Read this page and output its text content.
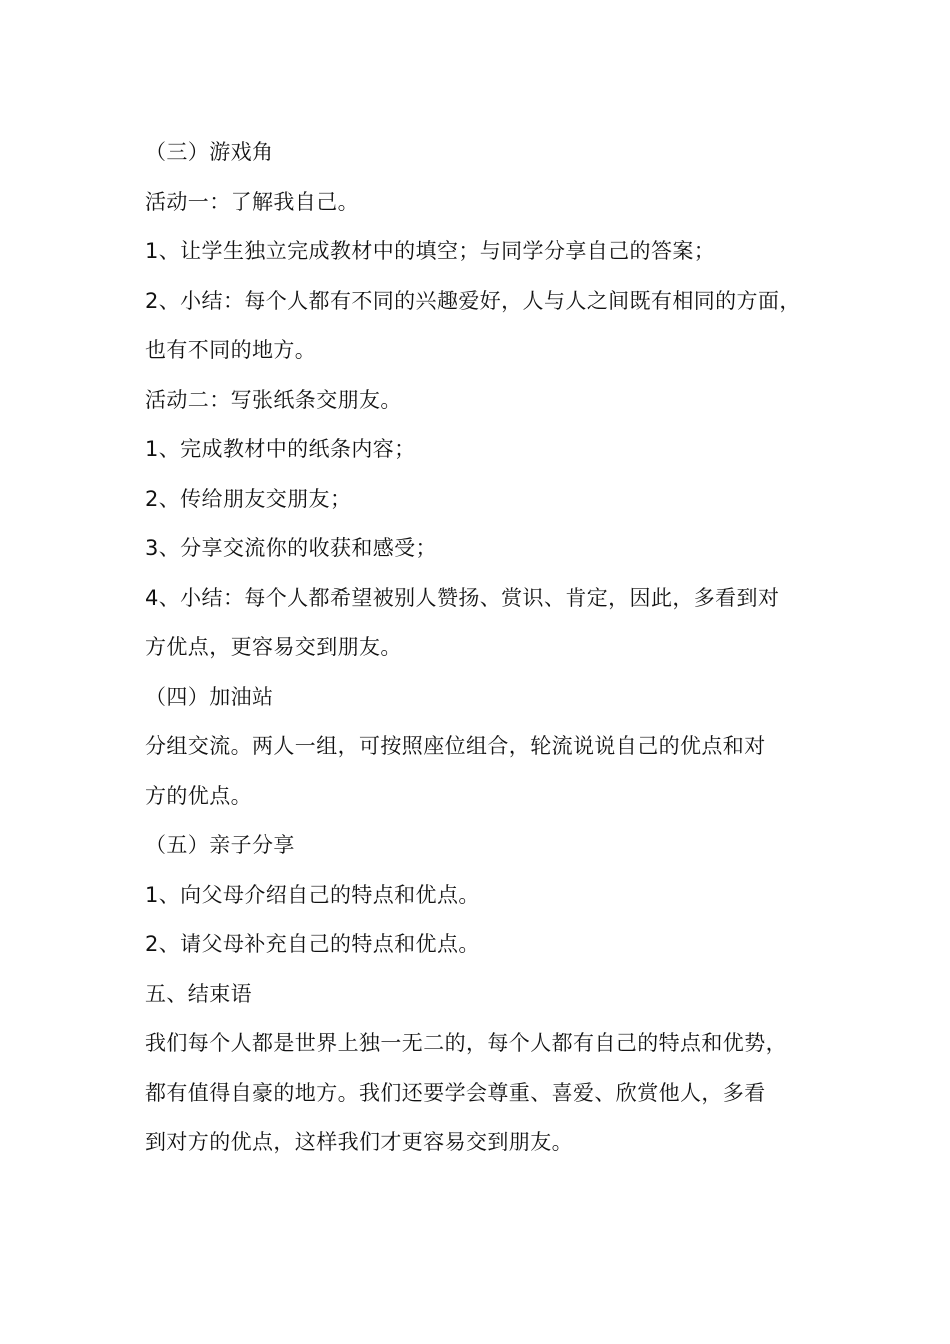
（三）游戏角
活动一：了解我自己。
1、让学生独立完成教材中的填空；与同学分享自己的答案；
2、小结：每个人都有不同的兴趣爱好，人与人之间既有相同的方面，
也有不同的地方。
活动二：写张纸条交朋友。
1、完成教材中的纸条内容；
2、传给朋友交朋友；
3、分享交流你的收获和感受；
4、小结：每个人都希望被别人赞扬、赏识、肯定，因此，多看到对
方优点，更容易交到朋友。
（四）加油站
分组交流。两人一组，可按照座位组合，轮流说说自己的优点和对
方的优点。
（五）亲子分享
1、向父母介绍自己的特点和优点。
2、请父母补充自己的特点和优点。
五、结束语
我们每个人都是世界上独一无二的，每个人都有自己的特点和优势，
都有值得自豪的地方。我们还要学会尊重、喜爱、欣赏他人，多看
到对方的优点，这样我们才更容易交到朋友。
